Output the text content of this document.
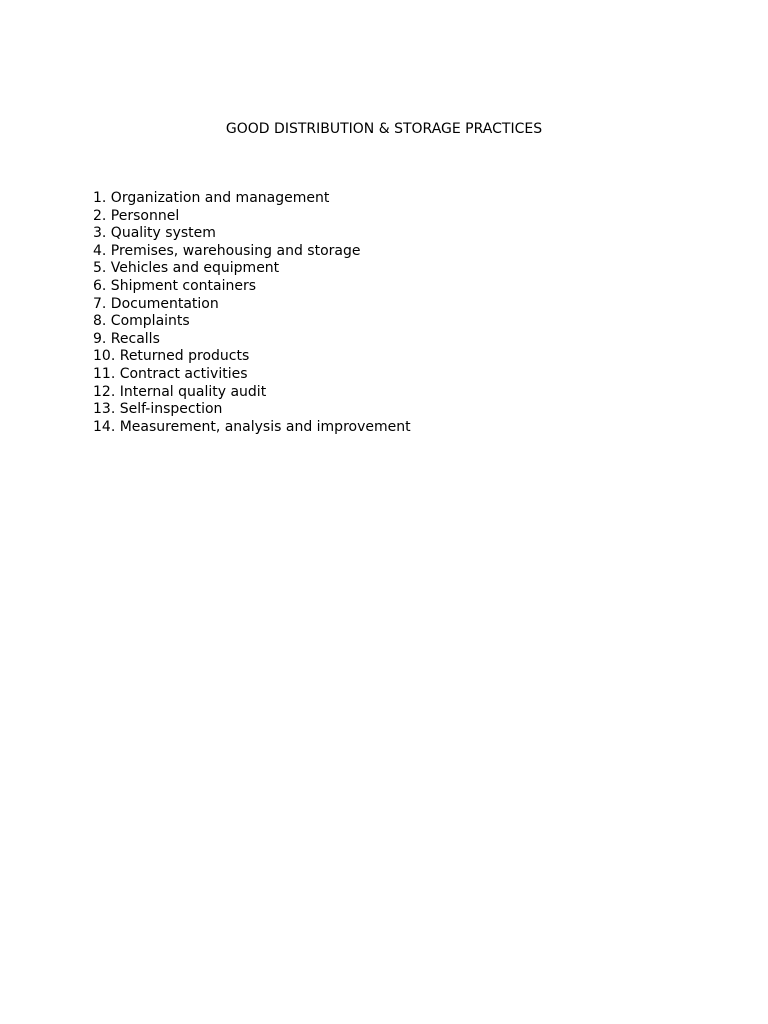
GOOD DISTRIBUTION & STORAGE PRACTICES
1. Organization and management
2. Personnel
3. Quality system
4. Premises, warehousing and storage
5. Vehicles and equipment
6. Shipment containers
7. Documentation
8. Complaints
9. Recalls
10. Returned products
11. Contract activities
12. Internal quality audit
13. Self-inspection
14. Measurement, analysis and improvement
